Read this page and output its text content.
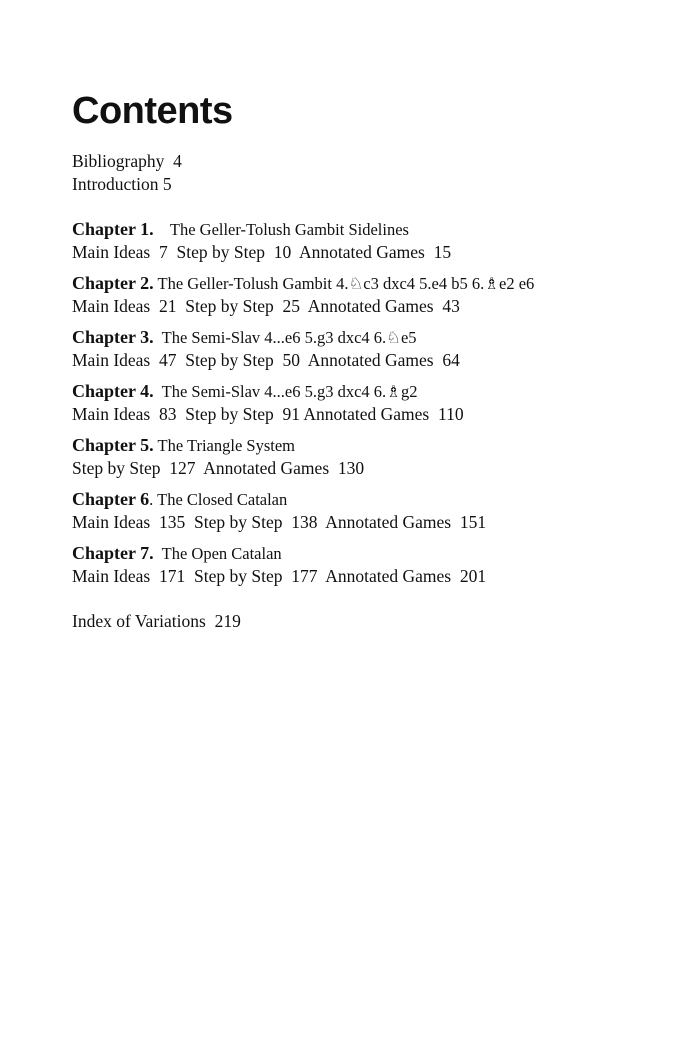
Contents
Bibliography  4
Introduction 5
Chapter 1.    The Geller-Tolush Gambit Sidelines
Main Ideas  7  Step by Step  10  Annotated Games  15
Chapter 2. The Geller-Tolush Gambit 4.♘c3 dxc4 5.e4 b5 6.♗e2 e6
Main Ideas  21  Step by Step  25  Annotated Games  43
Chapter 3.  The Semi-Slav 4...e6 5.g3 dxc4 6.♘e5
Main Ideas  47  Step by Step  50  Annotated Games  64
Chapter 4.  The Semi-Slav 4...e6 5.g3 dxc4 6.♗g2
Main Ideas  83  Step by Step  91 Annotated Games  110
Chapter 5. The Triangle System
Step by Step  127  Annotated Games  130
Chapter 6. The Closed Catalan
Main Ideas  135  Step by Step  138  Annotated Games  151
Chapter 7.  The Open Catalan
Main Ideas  171  Step by Step  177  Annotated Games  201
Index of Variations  219
